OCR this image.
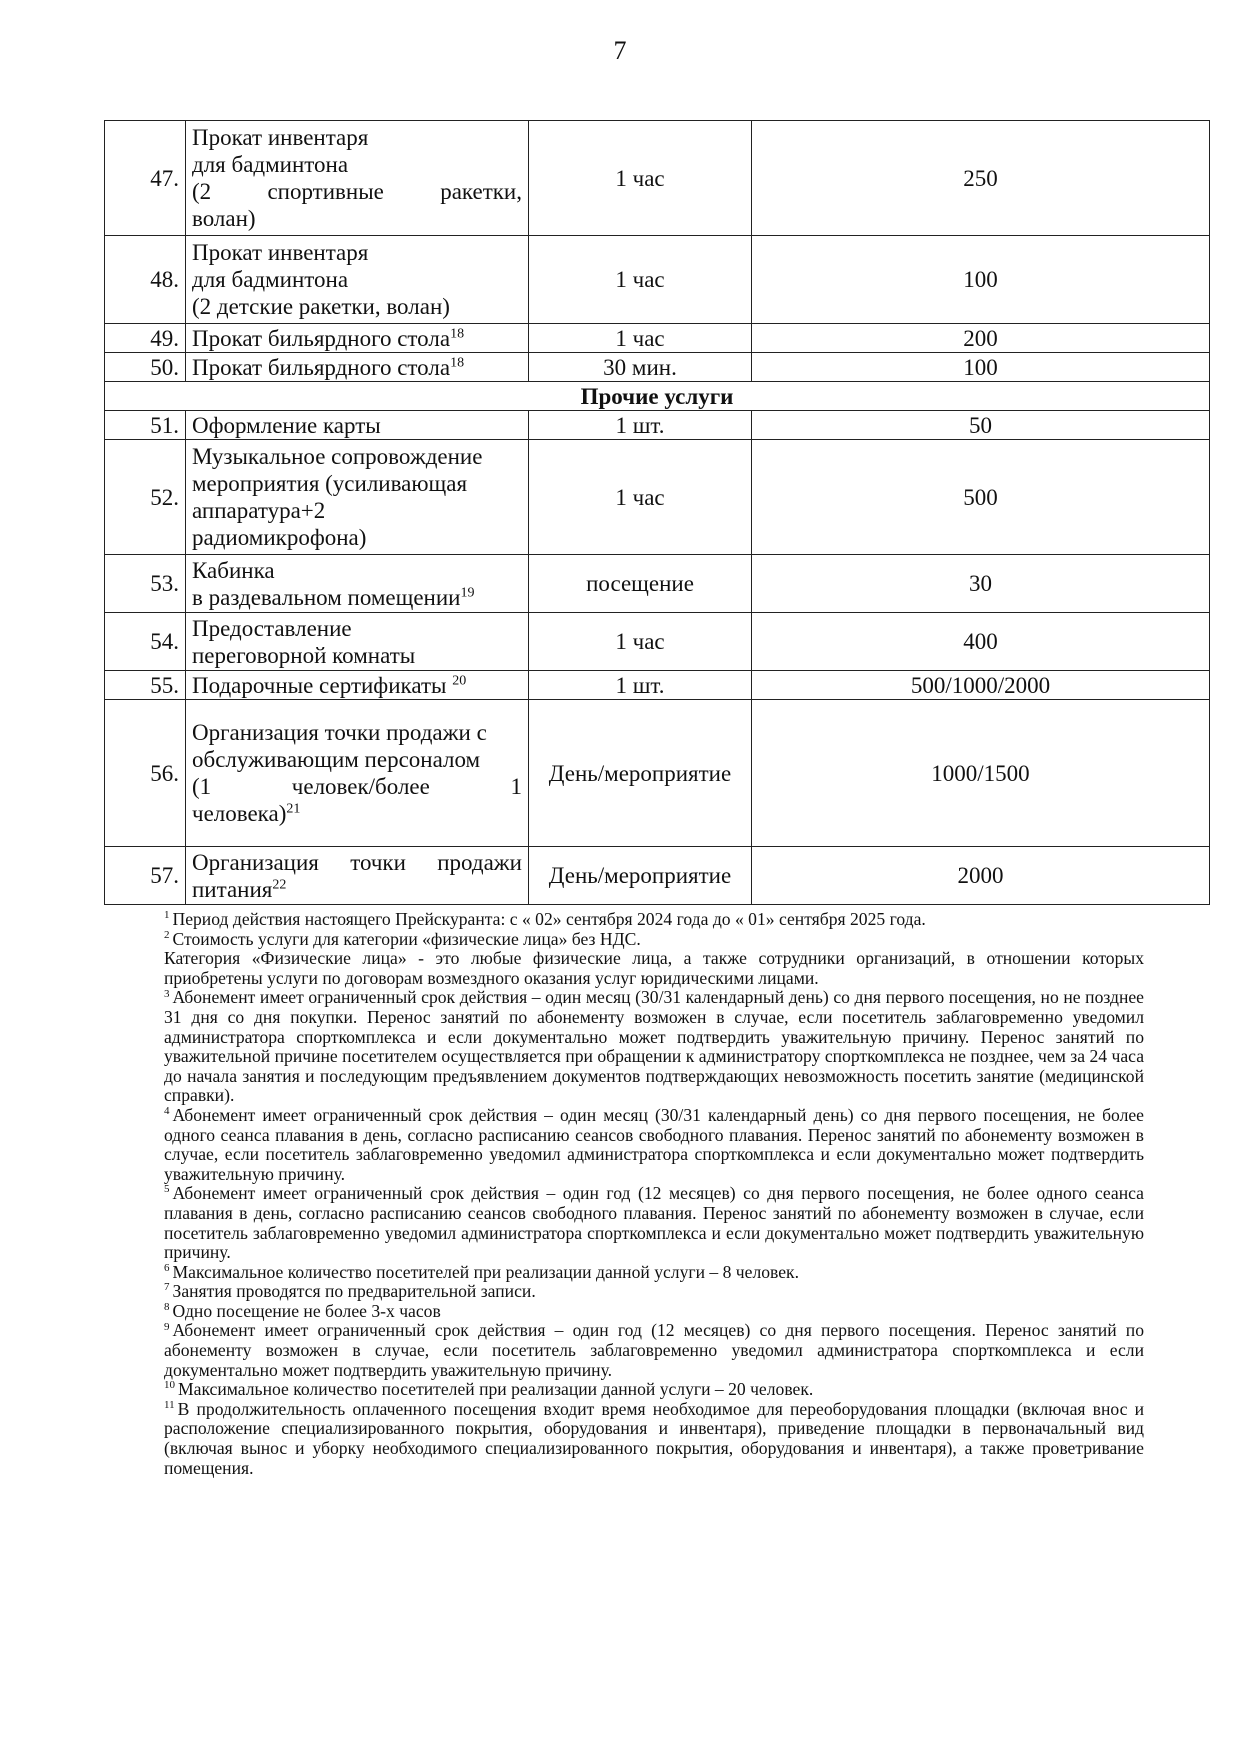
7
47.	Прокат инвентаря
для бадминтона
(2 спортивные ракетки,
волан)	1 час	250
48.	Прокат инвентаря
для бадминтона
(2 детские ракетки, волан)	1 час	100
49.	Прокат бильярдного стола$^{18}$	1 час	200
50.	Прокат бильярдного стола$^{18}$	30 мин.	100
Прочие услуги			
51.	Оформление карты	1 шт.	50
52.	Музыкальное сопровождение
мероприятия (усиливающая
аппаратура+2
радиомикрофона)	1 час	500
53.	Кабинка
в раздевальном помещении$^{19}$	посещение	30
54.	Предоставление
переговорной комнаты	1 час	400
55.	Подарочные сертификаты $^{20}$	1 шт.	500/1000/2000
56.	Организация точки продажи с
обслуживающим персоналом
(1 человек/более 1
человека)$^{21}$	День/мероприятие	1000/1500
57.	Организация точки продажи
питания$^{22}$	День/мероприятие	2000

$^1$ Период действия настоящего Прейскуранта: с « 02» сентября 2024 года до « 01» сентября 2025 года.

$^2$ Стоимость услуги для категории «физические лица» без НДС.

Категория «Физические лица» - это любые физические лица, а также сотрудники организаций, в отношении которых приобретены услуги по договорам возмездного оказания услуг юридическими лицами.

$^3$ Абонемент имеет ограниченный срок действия – один месяц (30/31 календарный день) со дня первого посещения, но не позднее 31 дня со дня покупки. Перенос занятий по абонементу возможен в случае, если посетитель заблаговременно уведомил администратора спорткомплекса и если документально может подтвердить уважительную причину. Перенос занятий по уважительной причине посетителем осуществляется при обращении к администратору спорткомплекса не позднее, чем за 24 часа до начала занятия и последующим предъявлением документов подтверждающих невозможность посетить занятие (медицинской справки).

$^4$ Абонемент имеет ограниченный срок действия – один месяц (30/31 календарный день) со дня первого посещения, не более одного сеанса плавания в день, согласно расписанию сеансов свободного плавания. Перенос занятий по абонементу возможен в случае, если посетитель заблаговременно уведомил администратора спорткомплекса и если документально может подтвердить уважительную причину.

$^5$ Абонемент имеет ограниченный срок действия – один год (12 месяцев) со дня первого посещения, не более одного сеанса плавания в день, согласно расписанию сеансов свободного плавания. Перенос занятий по абонементу возможен в случае, если посетитель заблаговременно уведомил администратора спорткомплекса и если документально может подтвердить уважительную причину.

$^6$ Максимальное количество посетителей при реализации данной услуги – 8 человек.

$^7$ Занятия проводятся по предварительной записи.

$^8$ Одно посещение не более 3-х часов

$^9$ Абонемент имеет ограниченный срок действия – один год (12 месяцев) со дня первого посещения. Перенос занятий по абонементу возможен в случае, если посетитель заблаговременно уведомил администратора спорткомплекса и если документально может подтвердить уважительную причину.

$^{10}$ Максимальное количество посетителей при реализации данной услуги – 20 человек.

$^{11}$ В продолжительность оплаченного посещения входит время необходимое для переоборудования площадки (включая внос и расположение специализированного покрытия, оборудования и инвентаря), приведение площадки в первоначальный вид (включая вынос и уборку необходимого специализированного покрытия, оборудования и инвентаря), а также проветривание помещения.
